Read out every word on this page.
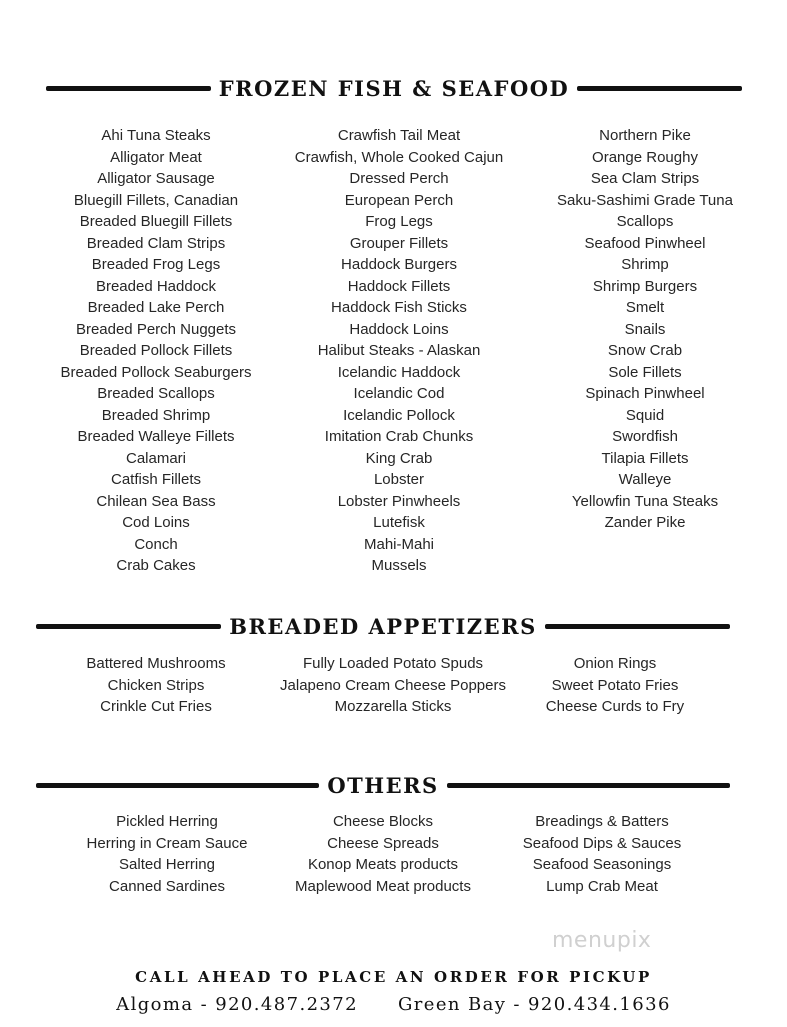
FROZEN FISH & SEAFOOD
Ahi Tuna Steaks
Alligator Meat
Alligator Sausage
Bluegill Fillets, Canadian
Breaded Bluegill Fillets
Breaded Clam Strips
Breaded Frog Legs
Breaded Haddock
Breaded Lake Perch
Breaded Perch Nuggets
Breaded Pollock Fillets
Breaded Pollock Seaburgers
Breaded Scallops
Breaded Shrimp
Breaded Walleye Fillets
Calamari
Catfish Fillets
Chilean Sea Bass
Cod Loins
Conch
Crab Cakes
Crawfish Tail Meat
Crawfish, Whole Cooked Cajun
Dressed Perch
European Perch
Frog Legs
Grouper Fillets
Haddock Burgers
Haddock Fillets
Haddock Fish Sticks
Haddock Loins
Halibut Steaks - Alaskan
Icelandic Haddock
Icelandic Cod
Icelandic Pollock
Imitation Crab Chunks
King Crab
Lobster
Lobster Pinwheels
Lutefisk
Mahi-Mahi
Mussels
Northern Pike
Orange Roughy
Sea Clam Strips
Saku-Sashimi Grade Tuna
Scallops
Seafood Pinwheel
Shrimp
Shrimp Burgers
Smelt
Snails
Snow Crab
Sole Fillets
Spinach Pinwheel
Squid
Swordfish
Tilapia Fillets
Walleye
Yellowfin Tuna Steaks
Zander Pike
BREADED APPETIZERS
Battered Mushrooms
Chicken Strips
Crinkle Cut Fries
Fully Loaded Potato Spuds
Jalapeno Cream Cheese Poppers
Mozzarella Sticks
Onion Rings
Sweet Potato Fries
Cheese Curds to Fry
OTHERS
Pickled Herring
Herring in Cream Sauce
Salted Herring
Canned Sardines
Cheese Blocks
Cheese Spreads
Konop Meats products
Maplewood Meat products
Breadings & Batters
Seafood Dips & Sauces
Seafood Seasonings
Lump Crab Meat
menupix
CALL AHEAD TO PLACE AN ORDER FOR PICKUP
Algoma - 920.487.2372 Green Bay - 920.434.1636
